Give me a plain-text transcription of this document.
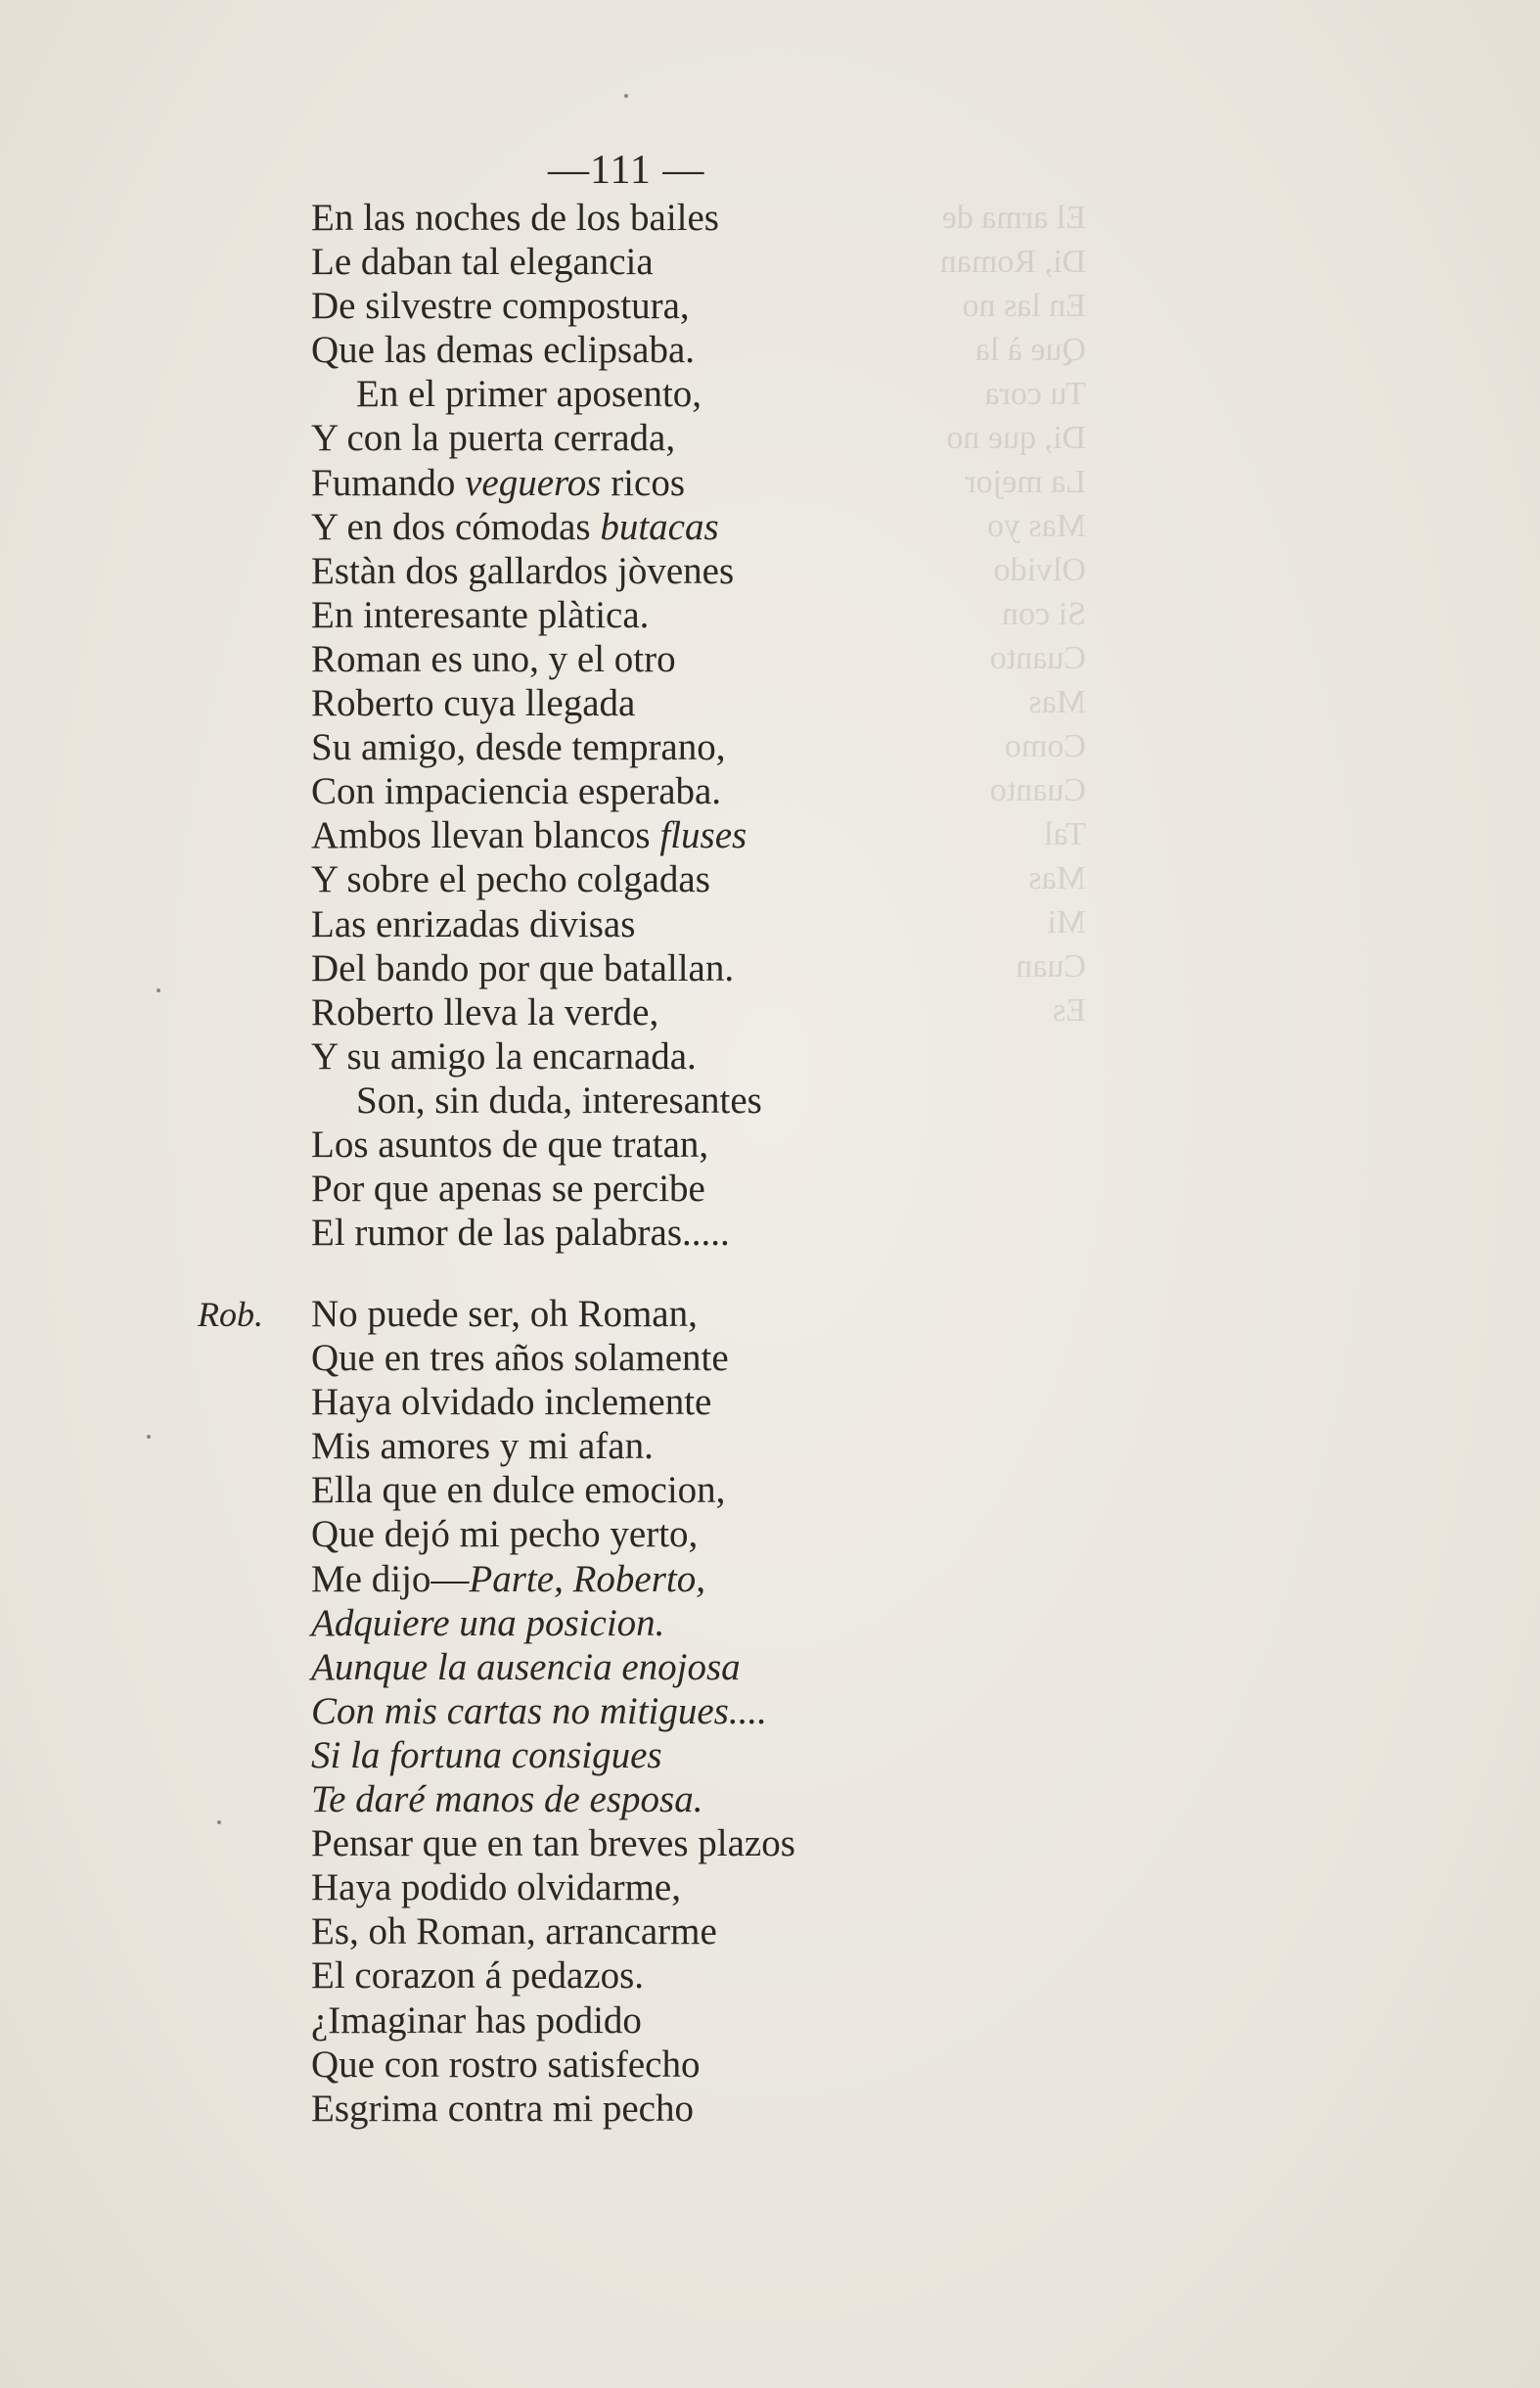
El arma de
Di, Roman
En las no
Que à la
Tu cora
Di, que no
La mejor
Mas yo
Olvido
Si con
Cuanto
Mas
Como
Cuanto
Tal
Mas
Mi
Cuan
Es
—111 —
En las noches de los bailes
Le daban tal elegancia
De silvestre compostura,
Que las demas eclipsaba.
En el primer aposento,
Y con la puerta cerrada,
Fumando vegueros ricos
Y en dos cómodas butacas
Estàn dos gallardos jòvenes
En interesante plàtica.
Roman es uno, y el otro
Roberto cuya llegada
Su amigo, desde temprano,
Con impaciencia esperaba.
Ambos llevan blancos fluses
Y sobre el pecho colgadas
Las enrizadas divisas
Del bando por que batallan.
Roberto lleva la verde,
Y su amigo la encarnada.
Son, sin duda, interesantes
Los asuntos de que tratan,
Por que apenas se percibe
El rumor de las palabras.....
Rob. No puede ser, oh Roman,
Que en tres años solamente
Haya olvidado inclemente
Mis amores y mi afan.
Ella que en dulce emocion,
Que dejó mi pecho yerto,
Me dijo—Parte, Roberto,
Adquiere una posicion.
Aunque la ausencia enojosa
Con mis cartas no mitigues....
Si la fortuna consigues
Te daré manos de esposa.
Pensar que en tan breves plazos
Haya podido olvidarme,
Es, oh Roman, arrancarme
El corazon á pedazos.
¿Imaginar has podido
Que con rostro satisfecho
Esgrima contra mi pecho
